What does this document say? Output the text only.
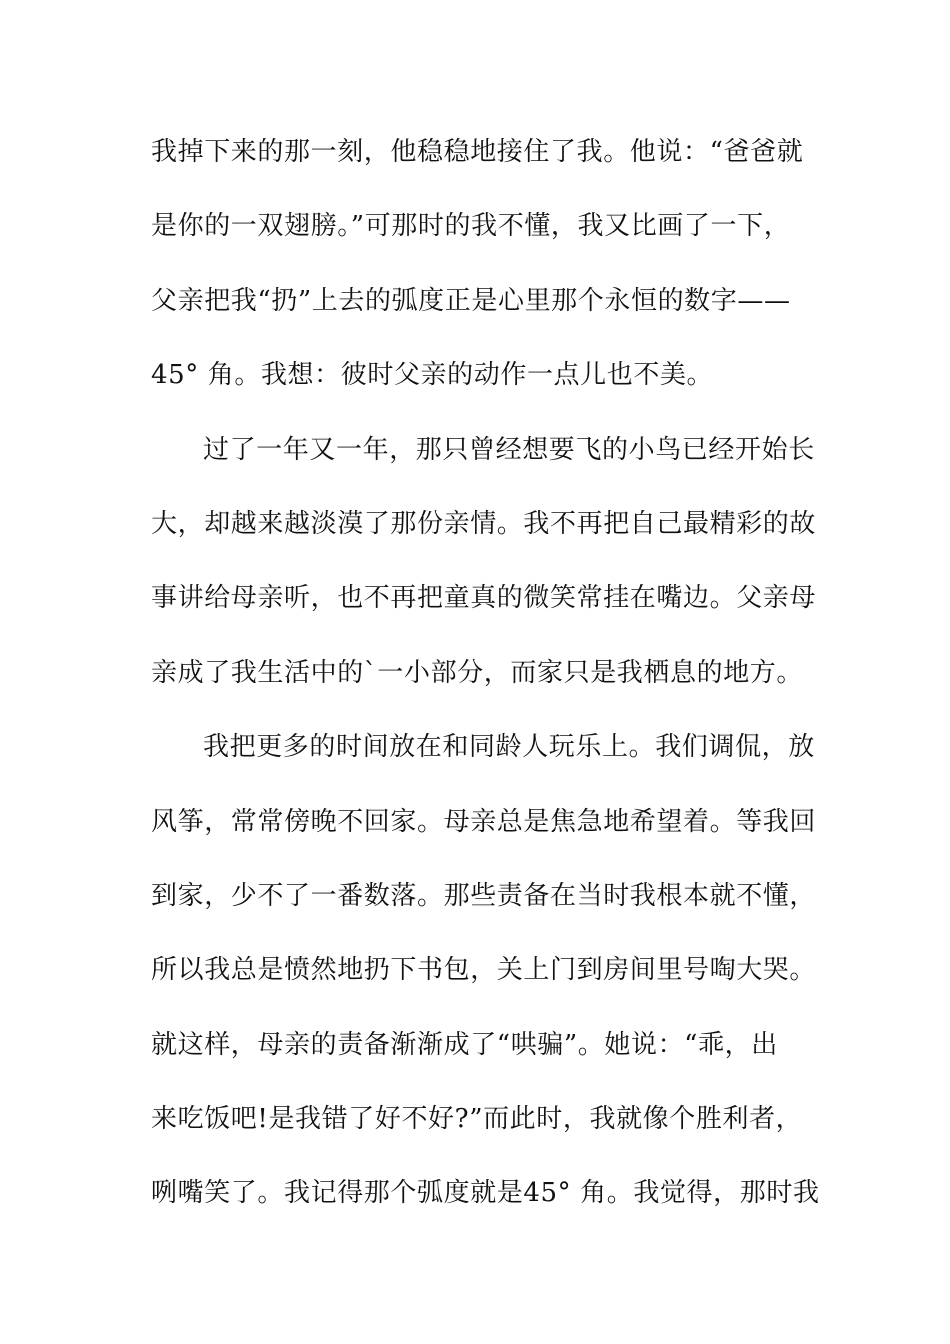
我掉下来的那一刻，他稳稳地接住了我。他说：“爸爸就
是你的一双翅膀。”可那时的我不懂，我又比画了一下，
父亲把我“扔”上去的弧度正是心里那个永恒的数字——
45° 角。我想：彼时父亲的动作一点儿也不美。
过了一年又一年，那只曾经想要飞的小鸟已经开始长
大，却越来越淡漠了那份亲情。我不再把自己最精彩的故
事讲给母亲听，也不再把童真的微笑常挂在嘴边。父亲母
亲成了我生活中的`一小部分，而家只是我栖息的地方。
我把更多的时间放在和同龄人玩乐上。我们调侃，放
风筝，常常傍晚不回家。母亲总是焦急地希望着。等我回
到家，少不了一番数落。那些责备在当时我根本就不懂，
所以我总是愤然地扔下书包，关上门到房间里号啕大哭。
就这样，母亲的责备渐渐成了“哄骗”。她说：“乖，出
来吃饭吧!是我错了好不好?”而此时，我就像个胜利者，
咧嘴笑了。我记得那个弧度就是45° 角。我觉得，那时我
